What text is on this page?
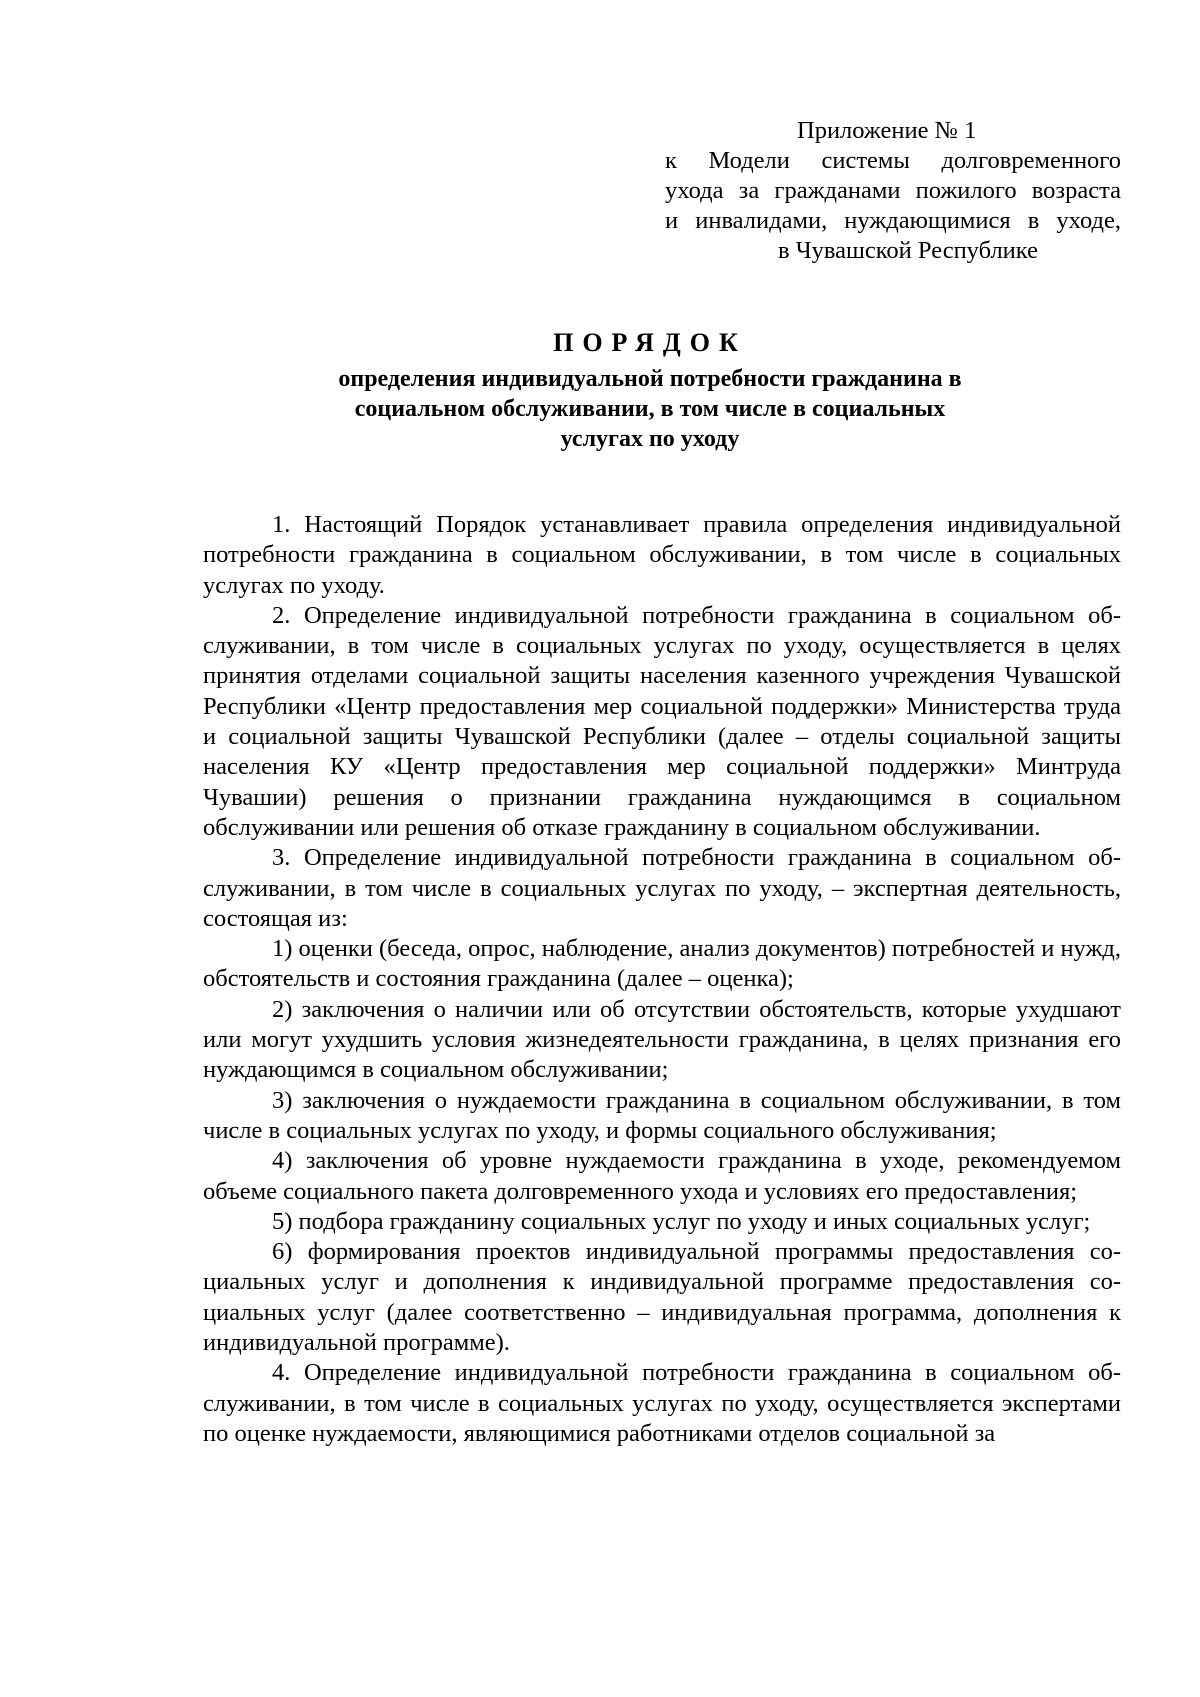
Приложение № 1
к Модели системы долговременного
ухода за гражданами пожилого возраста
и инвалидами, нуждающимися в уходе,
в Чувашской Республике
ПОРЯДОК
определения индивидуальной потребности гражданина в социальном обслуживании, в том числе в социальных услугах по уходу

1. Настоящий Порядок устанавливает правила определения индивидуальной потребности гражданина в социальном обслуживании, в том числе в социальных услугах по уходу.

2. Определение индивидуальной потребности гражданина в социальном обслуживании, в том числе в социальных услугах по уходу, осуществляется в целях принятия отделами социальной защиты населения казенного учреждения Чувашской Республики «Центр предоставления мер социальной поддержки» Министерства труда и социальной защиты Чувашской Республики (далее – отделы социальной защиты населения КУ «Центр предоставления мер социальной поддержки» Минтруда Чувашии) решения о признании гражданина нуждающимся в социальном обслуживании или решения об отказе гражданину в социальном обслуживании.

3. Определение индивидуальной потребности гражданина в социальном обслуживании, в том числе в социальных услугах по уходу, – экспертная деятельность, состоящая из:

1) оценки (беседа, опрос, наблюдение, анализ документов) потребностей и нужд, обстоятельств и состояния гражданина (далее – оценка);

2) заключения о наличии или об отсутствии обстоятельств, которые ухудшают или могут ухудшить условия жизнедеятельности гражданина, в целях признания его нуждающимся в социальном обслуживании;

3) заключения о нуждаемости гражданина в социальном обслуживании, в том числе в социальных услугах по уходу, и формы социального обслуживания;

4) заключения об уровне нуждаемости гражданина в уходе, рекомендуемом объеме социального пакета долговременного ухода и условиях его предоставления;

5) подбора гражданину социальных услуг по уходу и иных социальных услуг;

6) формирования проектов индивидуальной программы предоставления социальных услуг и дополнения к индивидуальной программе предоставления социальных услуг (далее соответственно – индивидуальная программа, дополнения к индивидуальной программе).

4. Определение индивидуальной потребности гражданина в социальном обслуживании, в том числе в социальных услугах по уходу, осуществляется экспертами по оценке нуждаемости, являющимися работниками отделов социальной за
